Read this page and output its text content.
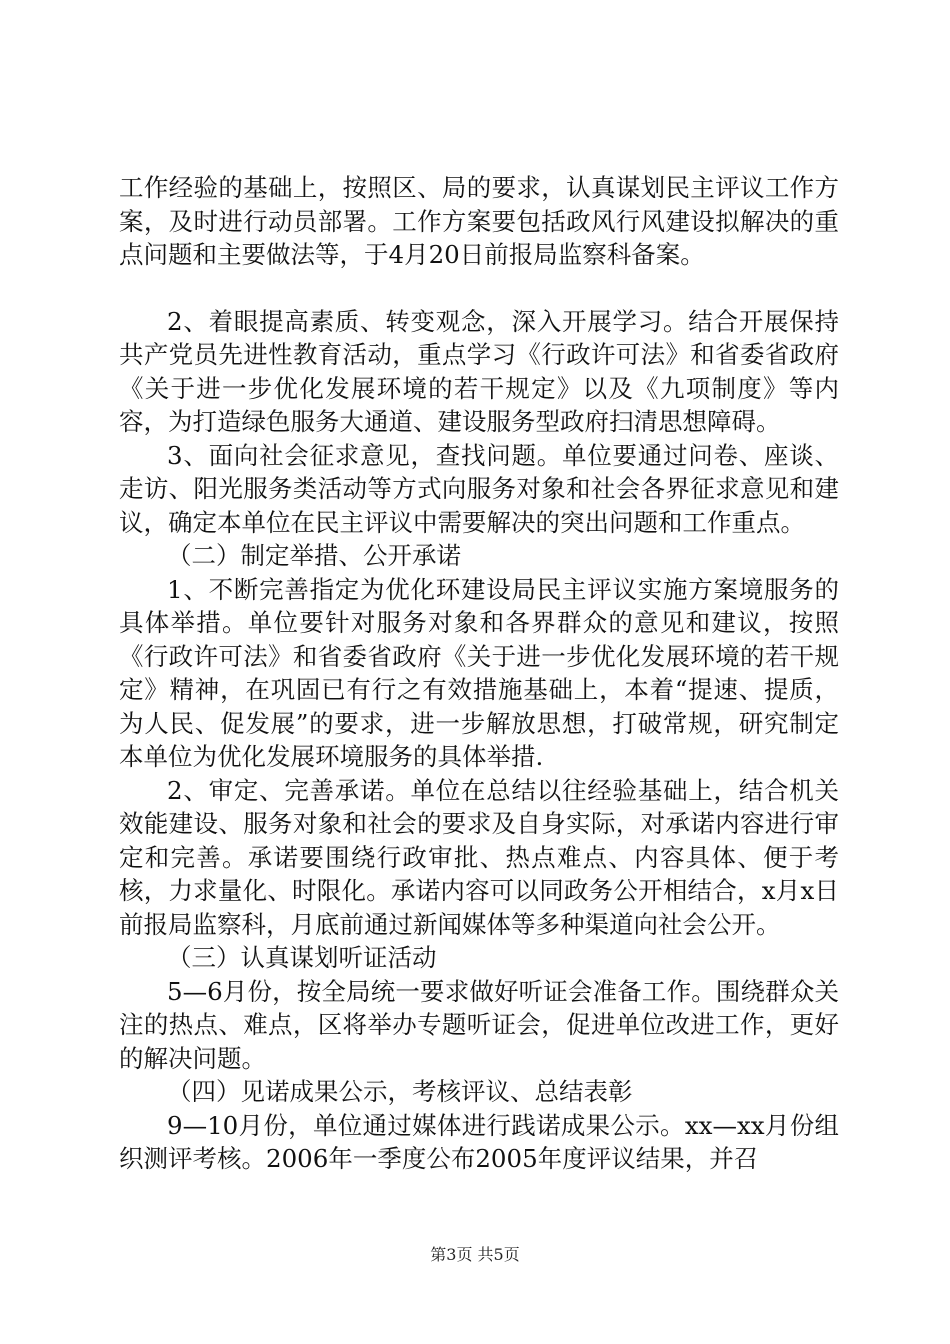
工作经验的基础上，按照区、局的要求，认真谋划民主评议工作方案，及时进行动员部署。工作方案要包括政风行风建设拟解决的重点问题和主要做法等，于4月20日前报局监察科备案。

2、着眼提高素质、转变观念，深入开展学习。结合开展保持共产党员先进性教育活动，重点学习《行政许可法》和省委省政府《关于进一步优化发展环境的若干规定》以及《九项制度》等内容，为打造绿色服务大通道、建设服务型政府扫清思想障碍。

3、面向社会征求意见，查找问题。单位要通过问卷、座谈、走访、阳光服务类活动等方式向服务对象和社会各界征求意见和建议，确定本单位在民主评议中需要解决的突出问题和工作重点。

（二）制定举措、公开承诺

1、不断完善指定为优化环建设局民主评议实施方案境服务的具体举措。单位要针对服务对象和各界群众的意见和建议，按照《行政许可法》和省委省政府《关于进一步优化发展环境的若干规定》精神，在巩固已有行之有效措施基础上，本着“提速、提质，为人民、促发展”的要求，进一步解放思想，打破常规，研究制定本单位为优化发展环境服务的具体举措.

2、审定、完善承诺。单位在总结以往经验基础上，结合机关效能建设、服务对象和社会的要求及自身实际，对承诺内容进行审定和完善。承诺要围绕行政审批、热点难点、内容具体、便于考核，力求量化、时限化。承诺内容可以同政务公开相结合，x月x日前报局监察科，月底前通过新闻媒体等多种渠道向社会公开。

（三）认真谋划听证活动

5—6月份，按全局统一要求做好听证会准备工作。围绕群众关注的热点、难点，区将举办专题听证会，促进单位改进工作，更好的解决问题。

（四）见诺成果公示，考核评议、总结表彰

9—10月份，单位通过媒体进行践诺成果公示。xx—xx月份组织测评考核。2006年一季度公布2005年度评议结果，并召

第3页 共5页
